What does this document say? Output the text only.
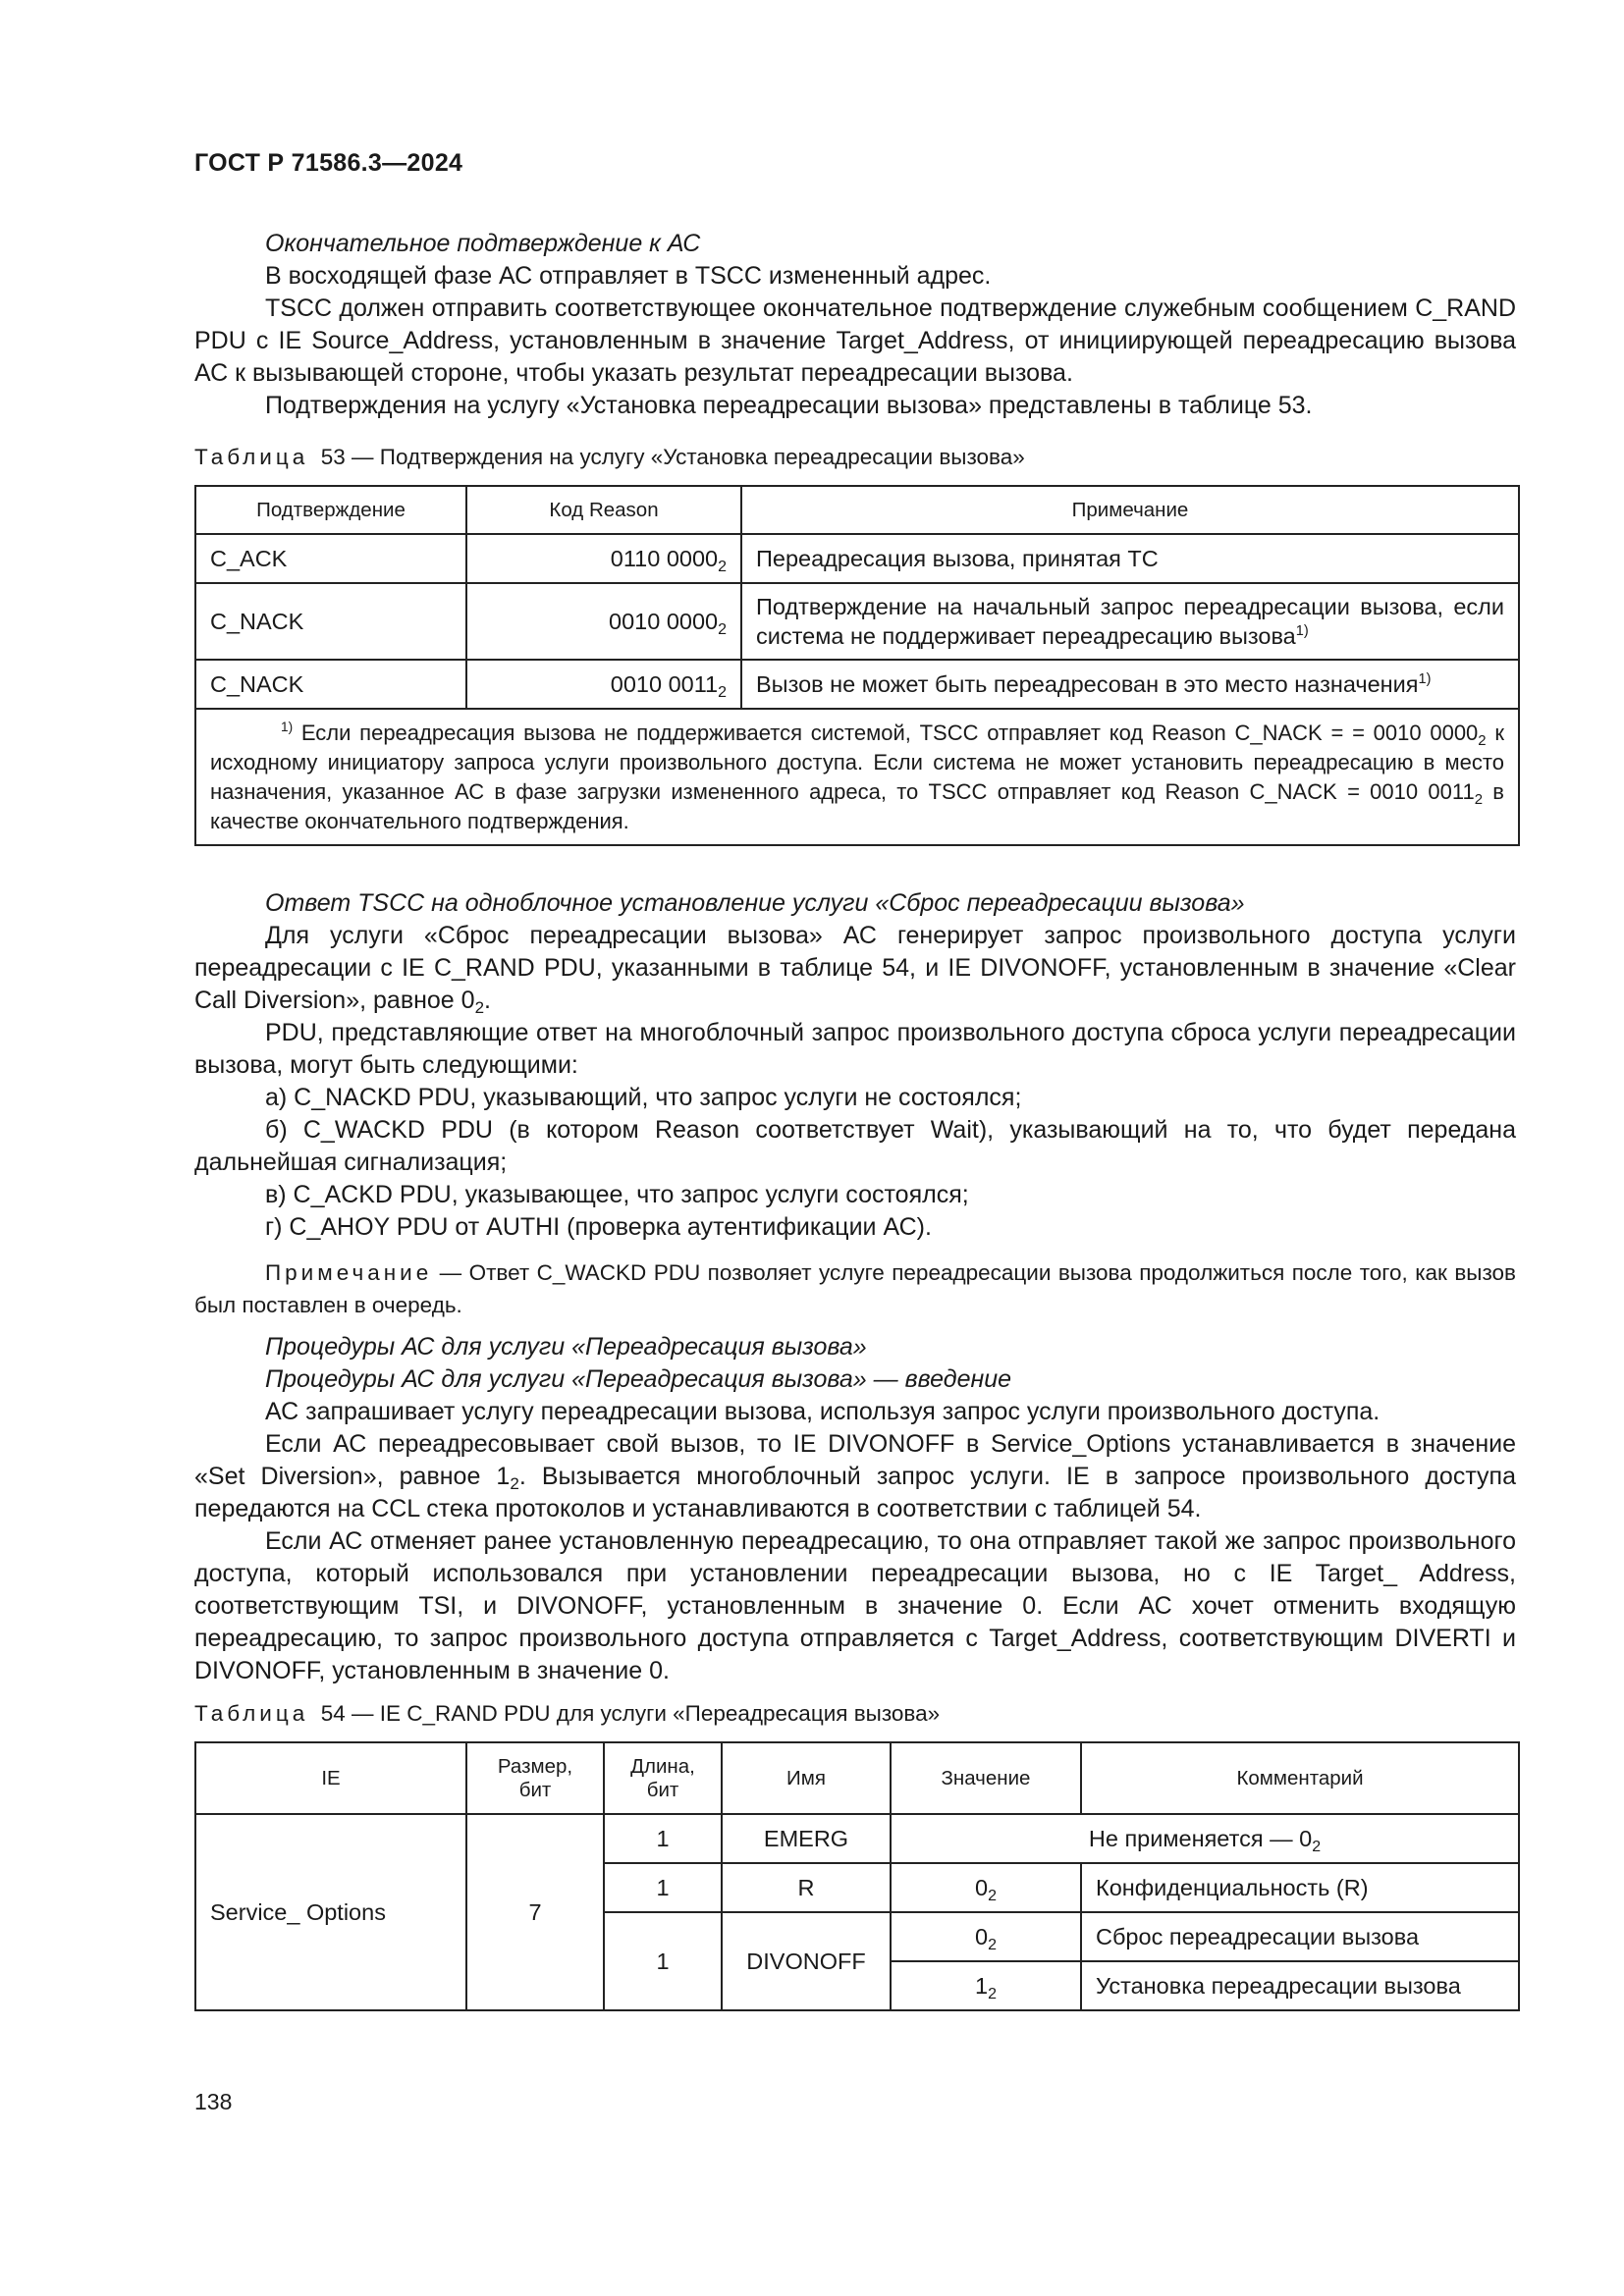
ГОСТ Р 71586.3—2024

Окончательное подтверждение к АС

В восходящей фазе АС отправляет в TSCC измененный адрес.

TSCC должен отправить соответствующее окончательное подтверждение служебным сообщением C_RAND PDU с IE Source_Address, установленным в значение Target_Address, от инициирующей переадресацию вызова АС к вызывающей стороне, чтобы указать результат переадресации вызова.

Подтверждения на услугу «Установка переадресации вызова» представлены в таблице 53.

Таблица 53 — Подтверждения на услугу «Установка переадресации вызова»
Подтверждение	Код Reason	Примечание
C_ACK	0110 $0000_2$	Переадресация вызова, принятая ТС
C_NACK	0010 $0000_2$	Подтверждение на начальный запрос переадресации вызова, если система не поддерживает переадресацию вызова$^{1)}$
C_NACK	0010 $0011_2$	Вызов не может быть переадресован в это место назначения$^{1)}$
$^{1)}$ Если переадресация вызова не поддерживается системой, TSCC отправляет код Reason C_NACK = = 0010 $0000_2$ к исходному инициатору запроса услуги произвольного доступа. Если система не может установить переадресацию в место назначения, указанное АС в фазе загрузки измененного адреса, то TSCC отправляет код Reason C_NACK = 0010 $0011_2$ в качестве окончательного подтверждения.		

Ответ TSCC на одноблочное установление услуги «Сброс переадресации вызова»

Для услуги «Сброс переадресации вызова» АС генерирует запрос произвольного доступа услуги переадресации с IE C_RAND PDU, указанными в таблице 54, и IE DIVONOFF, установленным в значение «Clear Call Diversion», равное $0_2$.

PDU, представляющие ответ на многоблочный запрос произвольного доступа сброса услуги переадресации вызова, могут быть следующими:

а) C_NACKD PDU, указывающий, что запрос услуги не состоялся;

б) C_WACKD PDU (в котором Reason соответствует Wait), указывающий на то, что будет передана дальнейшая сигнализация;

в) C_ACKD PDU, указывающее, что запрос услуги состоялся;

г) C_AHOY PDU от AUTHI (проверка аутентификации АС).

Примечание — Ответ C_WACKD PDU позволяет услуге переадресации вызова продолжиться после того, как вызов был поставлен в очередь.

Процедуры АС для услуги «Переадресация вызова»

Процедуры АС для услуги «Переадресация вызова» — введение

АС запрашивает услугу переадресации вызова, используя запрос услуги произвольного доступа.

Если АС переадресовывает свой вызов, то IE DIVONOFF в Service_Options устанавливается в значение «Set Diversion», равное $1_2$. Вызывается многоблочный запрос услуги. IE в запросе произвольного доступа передаются на CCL стека протоколов и устанавливаются в соответствии с таблицей 54.

Если АС отменяет ранее установленную переадресацию, то она отправляет такой же запрос произвольного доступа, который использовался при установлении переадресации вызова, но с IE Target_ Address, соответствующим TSI, и DIVONOFF, установленным в значение 0. Если АС хочет отменить входящую переадресацию, то запрос произвольного доступа отправляется с Target_Address, соответствующим DIVERTI и DIVONOFF, установленным в значение 0.

Таблица 54 — IE C_RAND PDU для услуги «Переадресация вызова»
IE	Размер, бит	Длина, бит	Имя	Значение	Комментарий
Service_ Options	7	1	EMERG	Не применяется — $0_2$
		1	R	$0_2$	Конфиденциальность (R)
		1	DIVONOFF	$0_2$	Сброс переадресации вызова
				$1_2$	Установка переадресации вызова
138
